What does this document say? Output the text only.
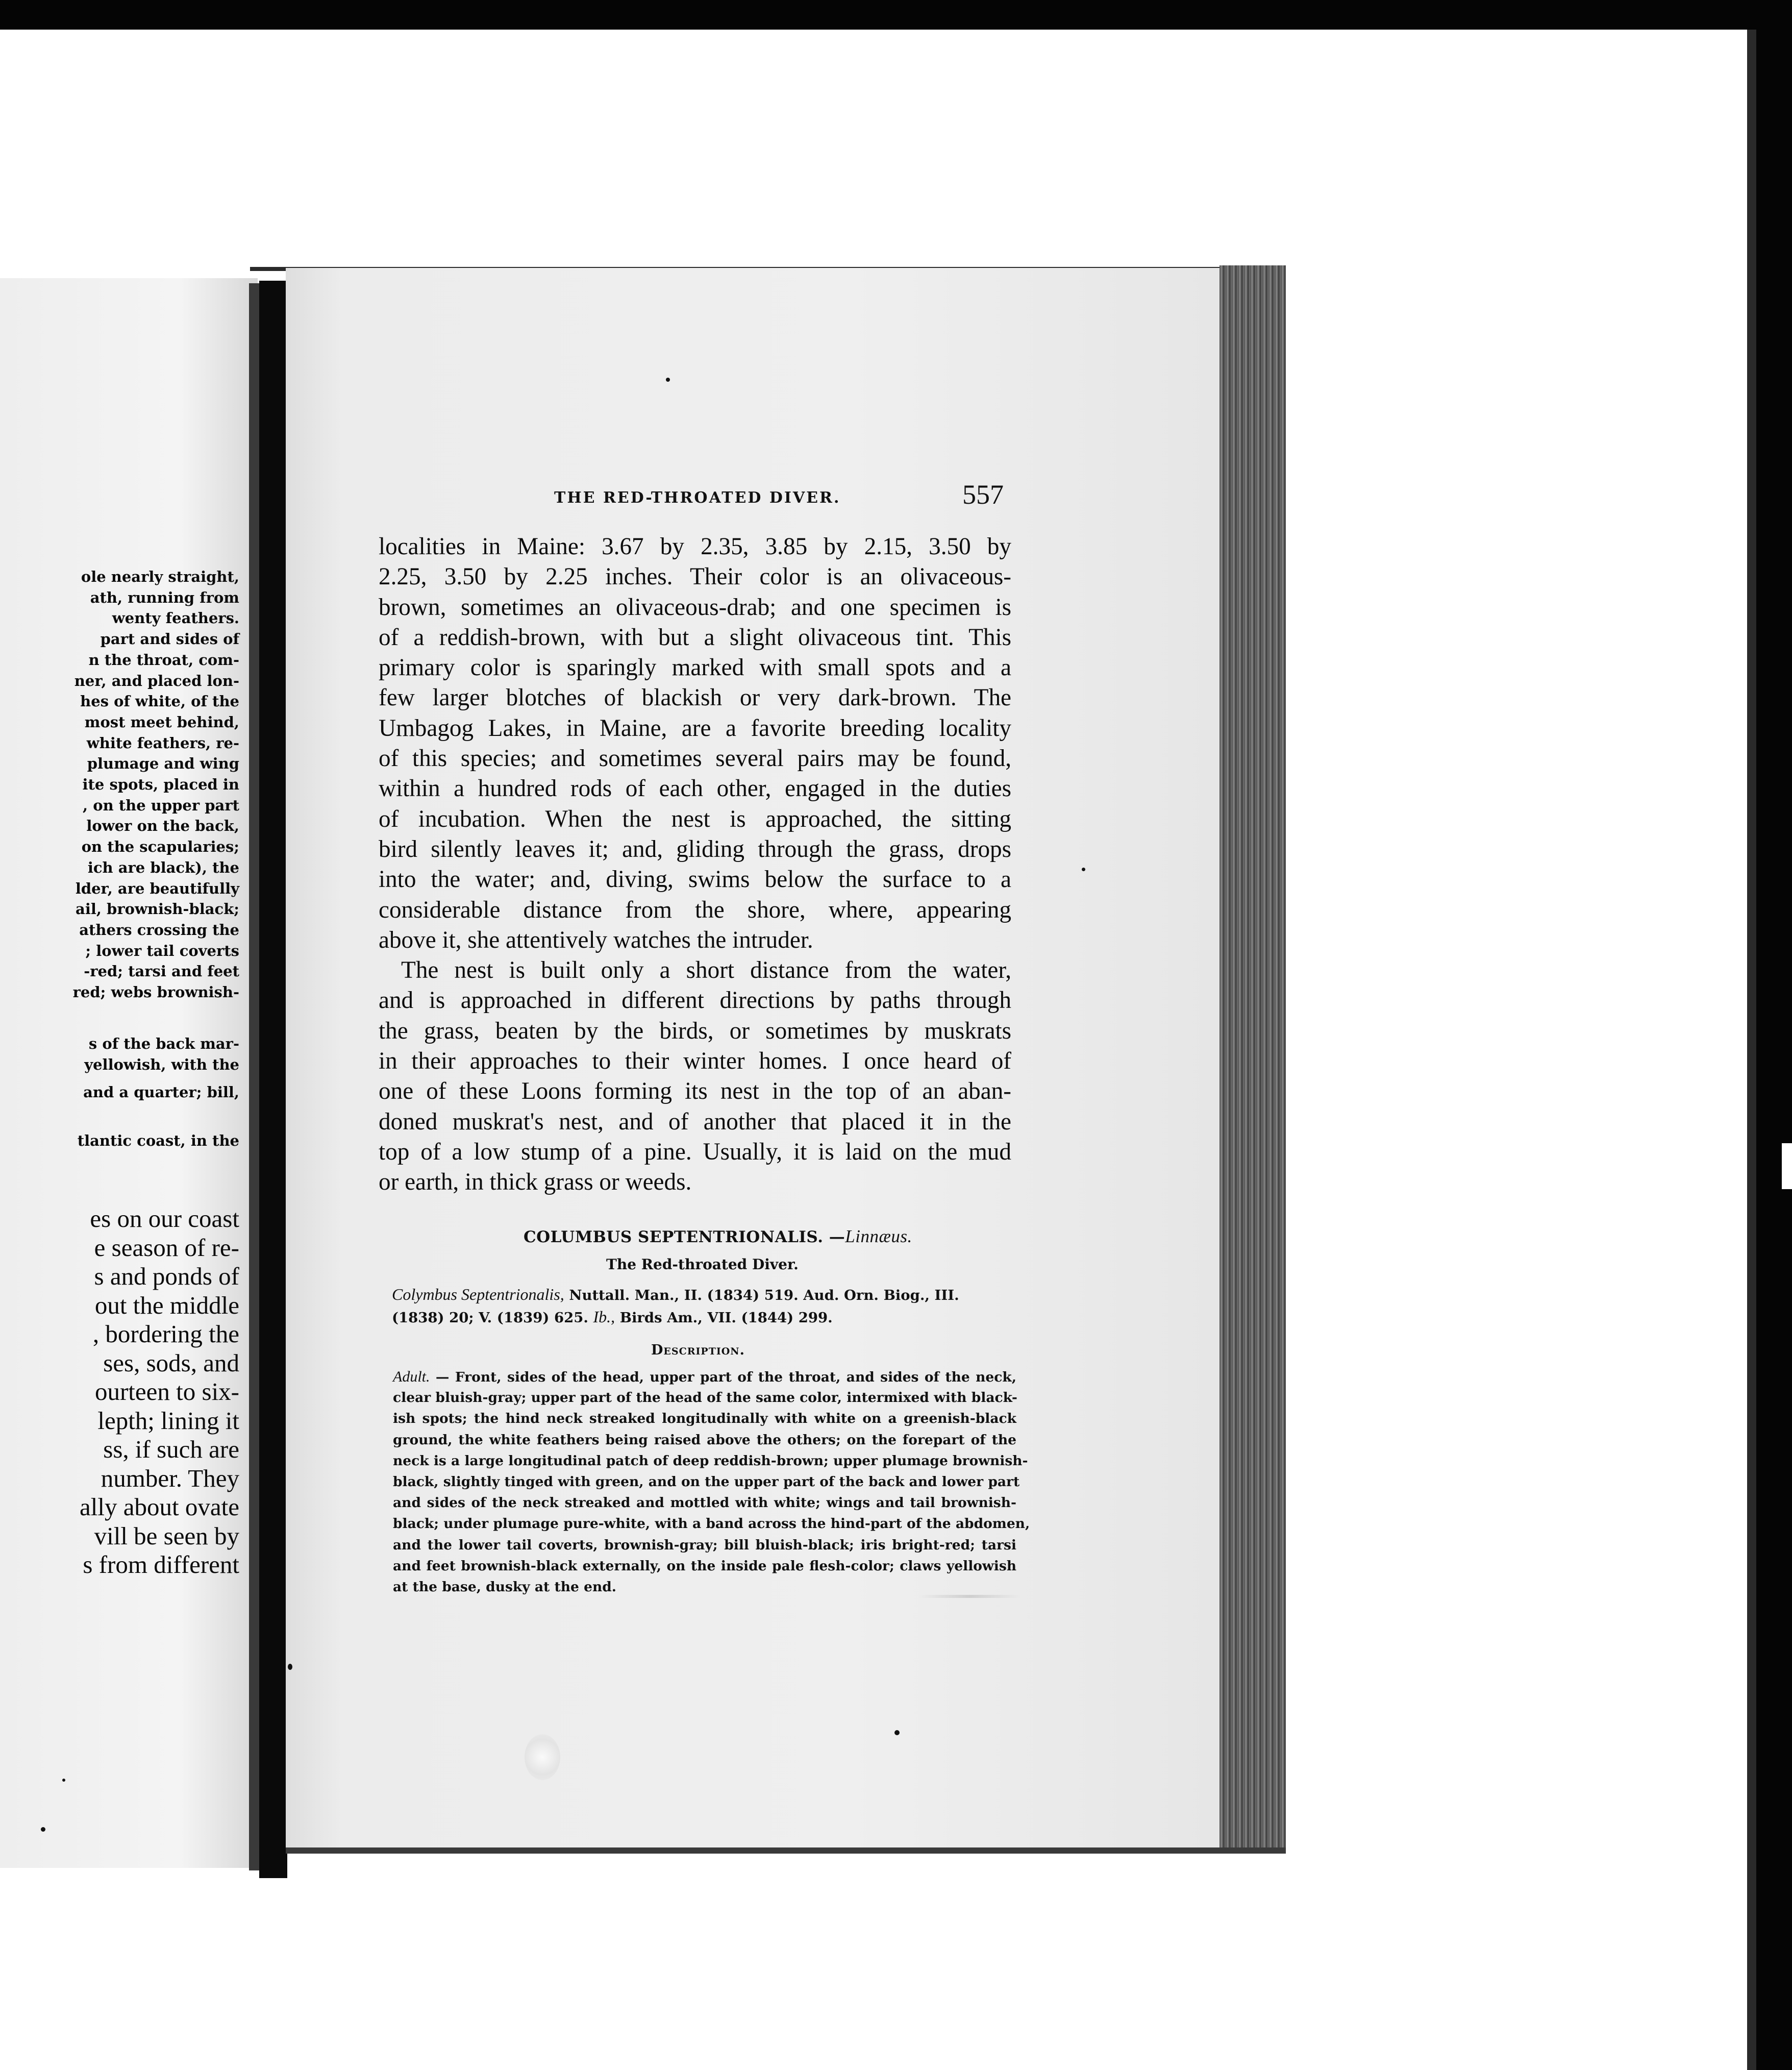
ole nearly straight,
ath, running from
wenty feathers.
part and sides of
n the throat, com-
ner, and placed lon-
hes of white, of the
most meet behind,
white feathers, re-
plumage and wing
ite spots, placed in
, on the upper part
lower on the back,
on the scapularies;
ich are black), the
lder, are beautifully
ail, brownish-black;
athers crossing the
; lower tail coverts
-red; tarsi and feet
red; webs brownish-
s of the back mar-
yellowish, with the
and a quarter; bill,
tlantic coast, in the
es on our coast
e season of re-
s and ponds of
out the middle
, bordering the
ses, sods, and
ourteen to six-
lepth; lining it
ss, if such are
number. They
ally about ovate
vill be seen by
s from different
THE RED-THROATED DIVER.	557
localities in Maine: 3.67 by 2.35, 3.85 by 2.15, 3.50 by
2.25, 3.50 by 2.25 inches. Their color is an olivaceous-
brown, sometimes an olivaceous-drab; and one specimen is
of a reddish-brown, with but a slight olivaceous tint. This
primary color is sparingly marked with small spots and a
few larger blotches of blackish or very dark-brown. The
Umbagog Lakes, in Maine, are a favorite breeding locality
of this species; and sometimes several pairs may be found,
within a hundred rods of each other, engaged in the duties
of incubation. When the nest is approached, the sitting
bird silently leaves it; and, gliding through the grass, drops
into the water; and, diving, swims below the surface to a
considerable distance from the shore, where, appearing
above it, she attentively watches the intruder.
The nest is built only a short distance from the water,
and is approached in different directions by paths through
the grass, beaten by the birds, or sometimes by muskrats
in their approaches to their winter homes. I once heard of
one of these Loons forming its nest in the top of an aban-
doned muskrat's nest, and of another that placed it in the
top of a low stump of a pine. Usually, it is laid on the mud
or earth, in thick grass or weeds.
COLUMBUS SEPTENTRIONALIS. —Linnæus.
The Red-throated Diver.
Colymbus Septentrionalis, Nuttall. Man., II. (1834) 519. Aud. Orn. Biog., III.
(1838) 20; V. (1839) 625. Ib., Birds Am., VII. (1844) 299.
Description.
Adult. — Front, sides of the head, upper part of the throat, and sides of the neck,
clear bluish-gray; upper part of the head of the same color, intermixed with black-
ish spots; the hind neck streaked longitudinally with white on a greenish-black
ground, the white feathers being raised above the others; on the forepart of the
neck is a large longitudinal patch of deep reddish-brown; upper plumage brownish-
black, slightly tinged with green, and on the upper part of the back and lower part
and sides of the neck streaked and mottled with white; wings and tail brownish-
black; under plumage pure-white, with a band across the hind-part of the abdomen,
and the lower tail coverts, brownish-gray; bill bluish-black; iris bright-red; tarsi
and feet brownish-black externally, on the inside pale flesh-color; claws yellowish
at the base, dusky at the end.
